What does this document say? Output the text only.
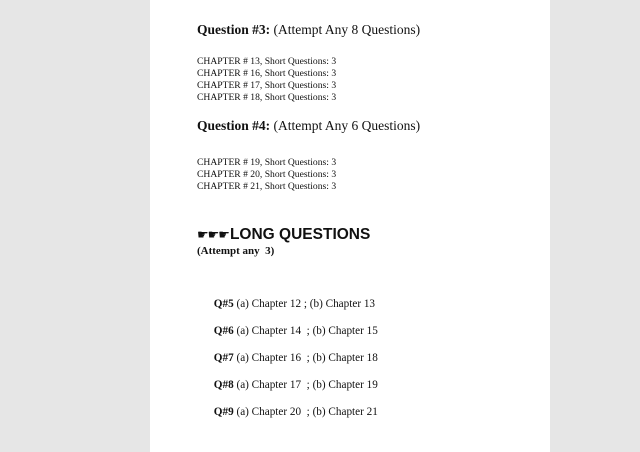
Question #3: (Attempt Any 8 Questions)
CHAPTER # 13, Short Questions: 3
CHAPTER # 16, Short Questions: 3
CHAPTER # 17, Short Questions: 3
CHAPTER # 18, Short Questions: 3
Question #4: (Attempt Any 6 Questions)
CHAPTER # 19, Short Questions: 3
CHAPTER # 20, Short Questions: 3
CHAPTER # 21, Short Questions: 3
☛☛☛LONG QUESTIONS
(Attempt any  3)

Q#5 (a) Chapter 12 ; (b) Chapter 13

Q#6 (a) Chapter 14  ; (b) Chapter 15

Q#7 (a) Chapter 16  ; (b) Chapter 18

Q#8 (a) Chapter 17  ; (b) Chapter 19

Q#9 (a) Chapter 20  ; (b) Chapter 21
